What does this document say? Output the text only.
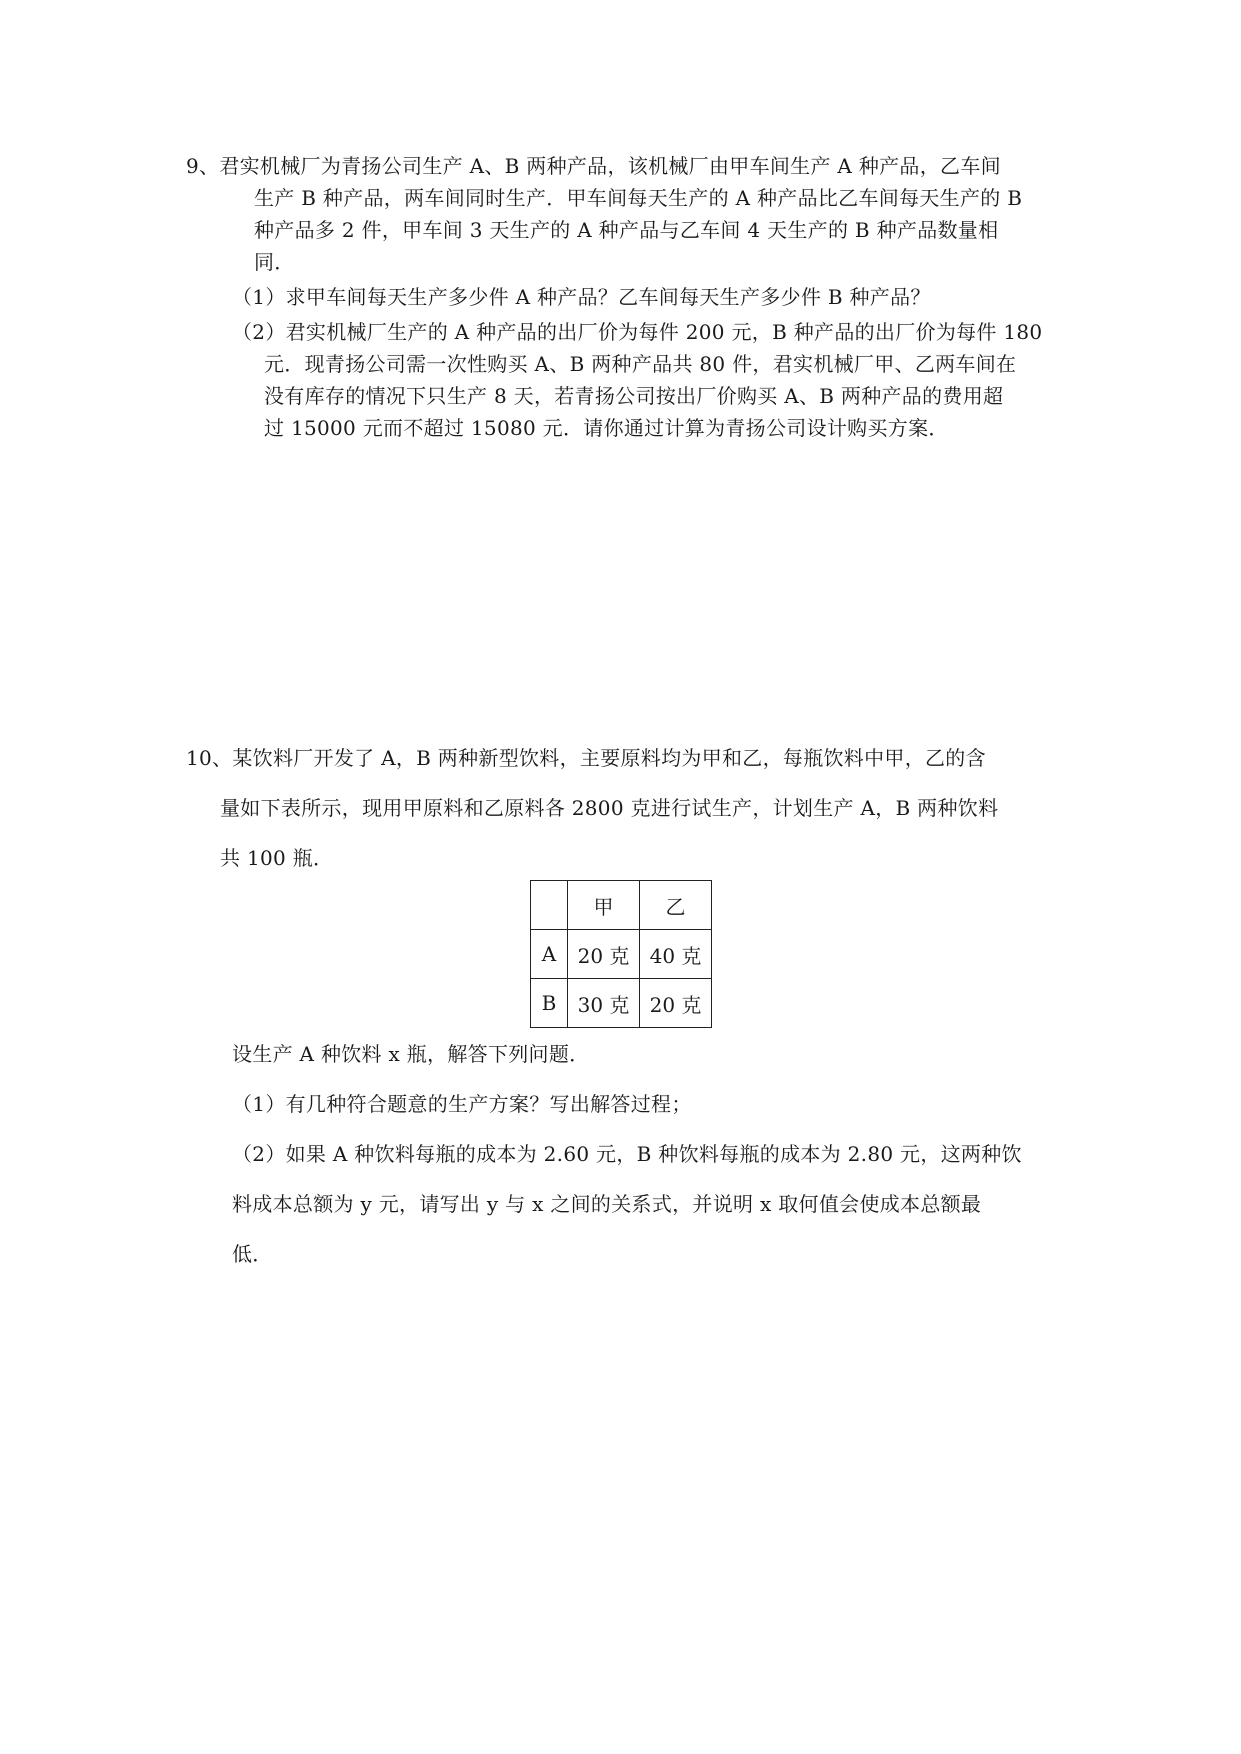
9、君实机械厂为青扬公司生产 A、B 两种产品，该机械厂由甲车间生产 A 种产品，乙车间
生产 B 种产品，两车间同时生产．甲车间每天生产的 A 种产品比乙车间每天生产的 B
种产品多 2 件，甲车间 3 天生产的 A 种产品与乙车间 4 天生产的 B 种产品数量相
同．
（1）求甲车间每天生产多少件 A 种产品？乙车间每天生产多少件 B 种产品？
（2）君实机械厂生产的 A 种产品的出厂价为每件 200 元，B 种产品的出厂价为每件 180
元．现青扬公司需一次性购买 A、B 两种产品共 80 件，君实机械厂甲、乙两车间在
没有库存的情况下只生产 8 天，若青扬公司按出厂价购买 A、B 两种产品的费用超
过 15000 元而不超过 15080 元．请你通过计算为青扬公司设计购买方案．
10、某饮料厂开发了 A，B 两种新型饮料，主要原料均为甲和乙，每瓶饮料中甲，乙的含
量如下表所示，现用甲原料和乙原料各 2800 克进行试生产，计划生产 A，B 两种饮料
共 100 瓶．
	甲	乙
A	20 克	40 克
B	30 克	20 克
设生产 A 种饮料 x 瓶，解答下列问题．
（1）有几种符合题意的生产方案？写出解答过程；
（2）如果 A 种饮料每瓶的成本为 2.60 元，B 种饮料每瓶的成本为 2.80 元，这两种饮
料成本总额为 y 元，请写出 y 与 x 之间的关系式，并说明 x 取何值会使成本总额最
低．
